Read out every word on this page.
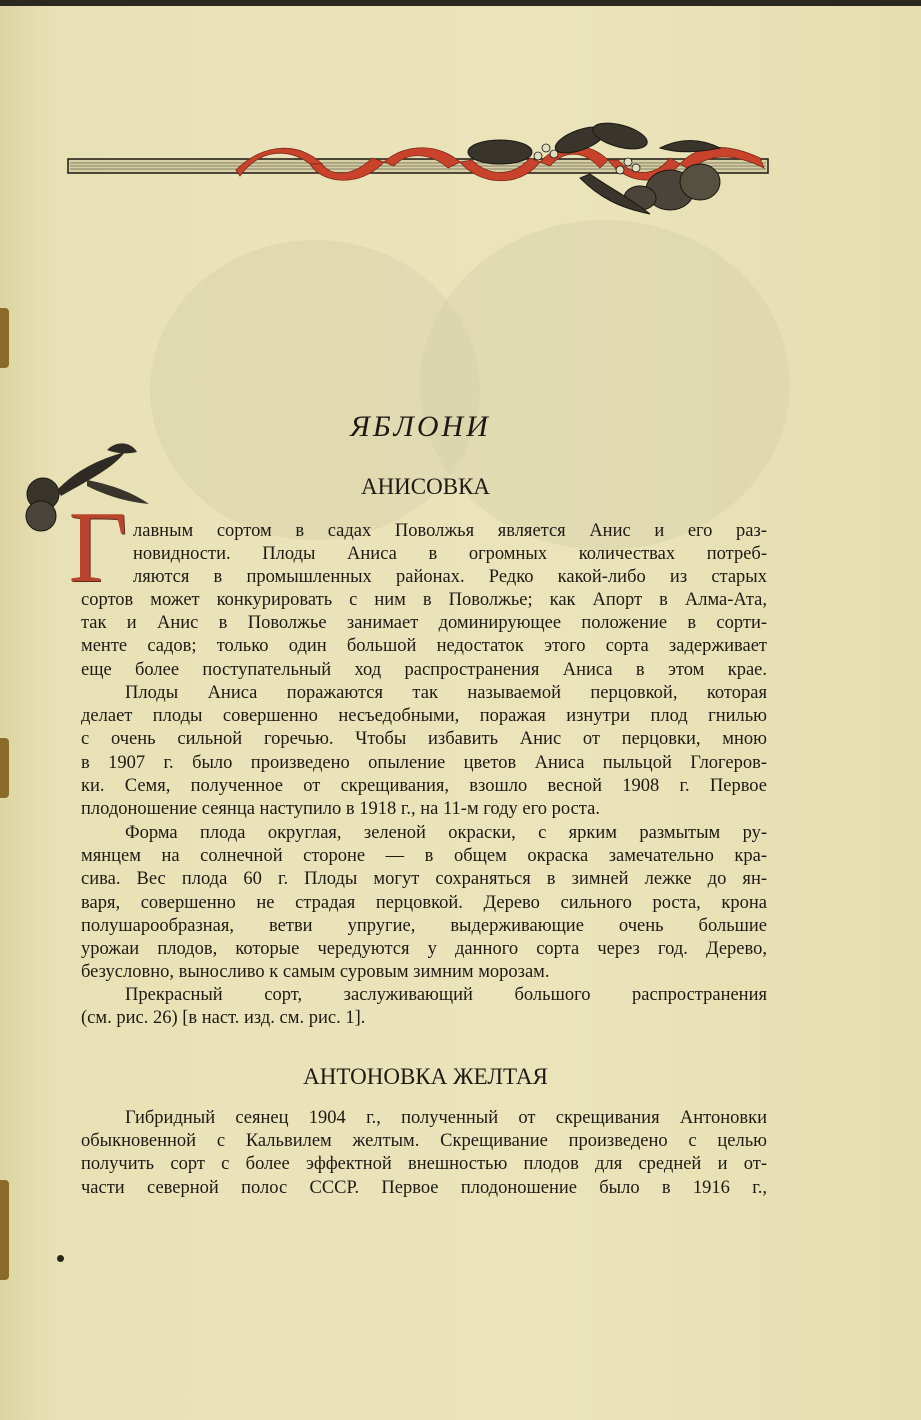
ЯБЛОНИ
АНИСОВКА
Г лавным сортом в садах Поволжья является Анис и его раз-
новидности. Плоды Аниса в огромных количествах потреб-
ляются в промышленных районах. Редко какой-либо из старых
сортов может конкурировать с ним в Поволжье; как Апорт в Алма-Ата,
так и Анис в Поволжье занимает доминирующее положение в сорти-
менте садов; только один большой недостаток этого сорта задерживает
еще более поступательный ход распространения Аниса в этом крае.
Плоды Аниса поражаются так называемой перцовкой, которая
делает плоды совершенно несъедобными, поражая изнутри плод гнилью
с очень сильной горечью. Чтобы избавить Анис от перцовки, мною
в 1907 г. было произведено опыление цветов Аниса пыльцой Глогеров-
ки. Семя, полученное от скрещивания, взошло весной 1908 г. Первое
плодоношение сеянца наступило в 1918 г., на 11-м году его роста.
Форма плода округлая, зеленой окраски, с ярким размытым ру-
мянцем на солнечной стороне — в общем окраска замечательно кра-
сива. Вес плода 60 г. Плоды могут сохраняться в зимней лежке до ян-
варя, совершенно не страдая перцовкой. Дерево сильного роста, крона
полушарообразная, ветви упругие, выдерживающие очень большие
урожаи плодов, которые чередуются у данного сорта через год. Дерево,
безусловно, выносливо к самым суровым зимним морозам.
Прекрасный сорт, заслуживающий большого распространения
(см. рис. 26) [в наст. изд. см. рис. 1].
АНТОНОВКА ЖЕЛТАЯ
Гибридный сеянец 1904 г., полученный от скрещивания Антоновки
обыкновенной с Кальвилем желтым. Скрещивание произведено с целью
получить сорт с более эффектной внешностью плодов для средней и от-
части северной полос СССР. Первое плодоношение было в 1916 г.,
